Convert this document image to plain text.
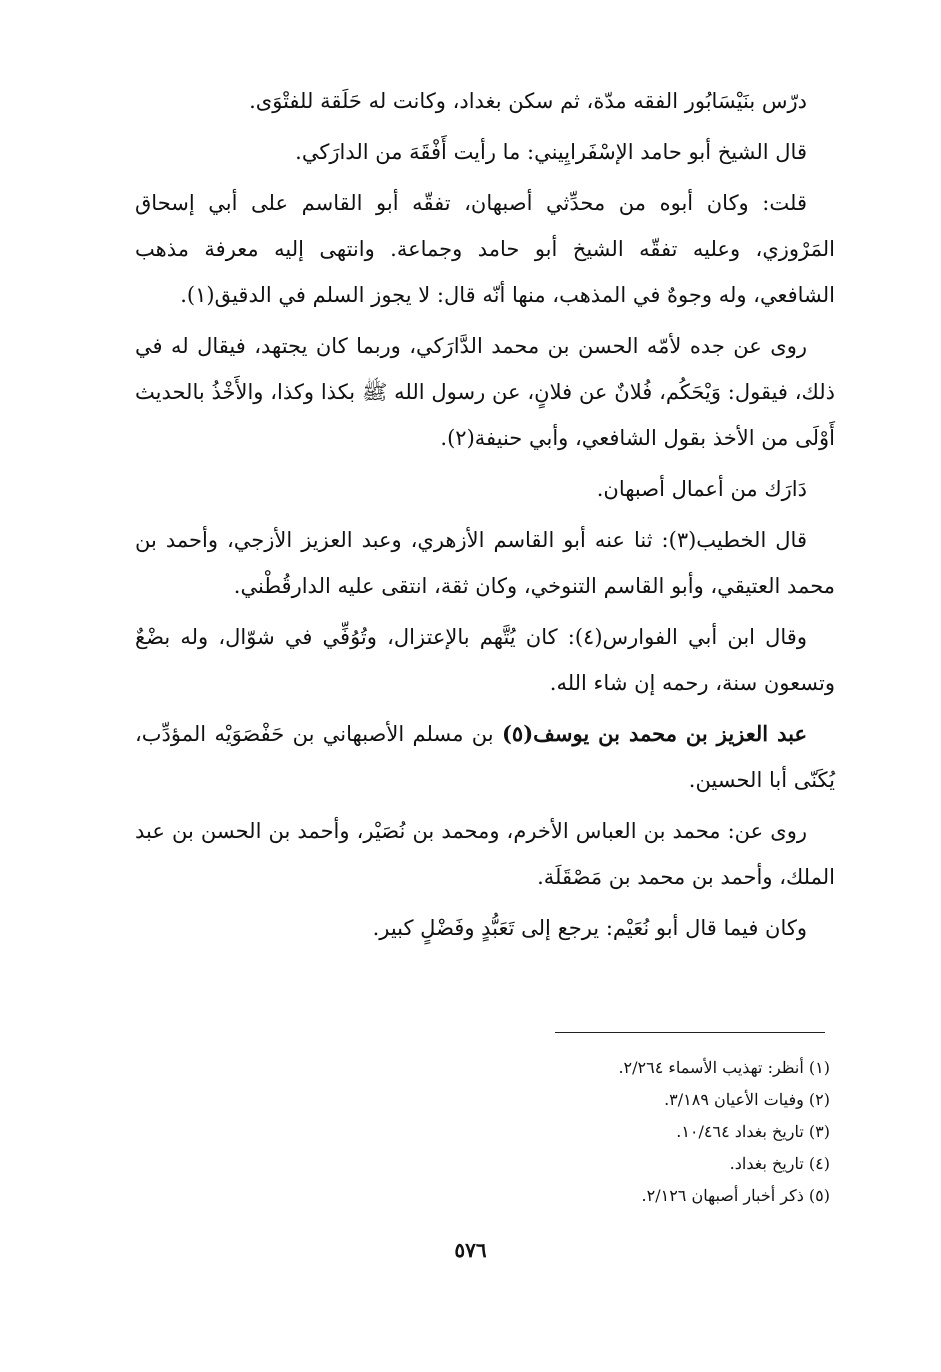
درّس بنَيْسَابُور الفقه مدّة، ثم سكن بغداد، وكانت له حَلَقة للفتْوَى.

قال الشيخ أبو حامد الإسْفَرايِيني: ما رأيت أَفْقَهَ من الدارَكي.

قلت: وكان أبوه من محدِّثي أصبهان، تفقّه أبو القاسم على أبي إسحاق المَرْوزي، وعليه تفقّه الشيخ أبو حامد وجماعة. وانتهى إليه معرفة مذهب الشافعي، وله وجوهٌ في المذهب، منها أنّه قال: لا يجوز السلم في الدقيق(١).

روى عن جده لأمّه الحسن بن محمد الدَّارَكي، وربما كان يجتهد، فيقال له في ذلك، فيقول: وَيْحَكُم، فُلانٌ عن فلانٍ، عن رسول الله ﷺ بكذا وكذا، والأَخْذُ بالحديث أَوْلَى من الأخذ بقول الشافعي، وأبي حنيفة(٢).

دَارَك من أعمال أصبهان.

قال الخطيب(٣): ثنا عنه أبو القاسم الأزهري، وعبد العزيز الأزجي، وأحمد بن محمد العتيقي، وأبو القاسم التنوخي، وكان ثقة، انتقى عليه الدارقُطْني.

وقال ابن أبي الفوارس(٤): كان يُتَّهم بالإعتزال، وتُوُفِّي في شوّال، وله بضْعٌ وتسعون سنة، رحمه إن شاء الله.

عبد العزيز بن محمد بن يوسف(٥) بن مسلم الأصبهاني بن حَفْصَوَيْه المؤدِّب، يُكَنّى أبا الحسين.

روى عن: محمد بن العباس الأخرم، ومحمد بن نُصَيْر، وأحمد بن الحسن بن عبد الملك، وأحمد بن محمد بن مَصْقَلَة.

وكان فيما قال أبو نُعَيْم: يرجع إلى تَعَبُّدٍ وفَضْلٍ كبير.

(١) أنظر: تهذيب الأسماء ٢/٢٦٤.

(٢) وفيات الأعيان ٣/١٨٩.

(٣) تاريخ بغداد ١٠/٤٦٤.

(٤) تاريخ بغداد.

(٥) ذكر أخبار أصبهان ٢/١٢٦.

٥٧٦
